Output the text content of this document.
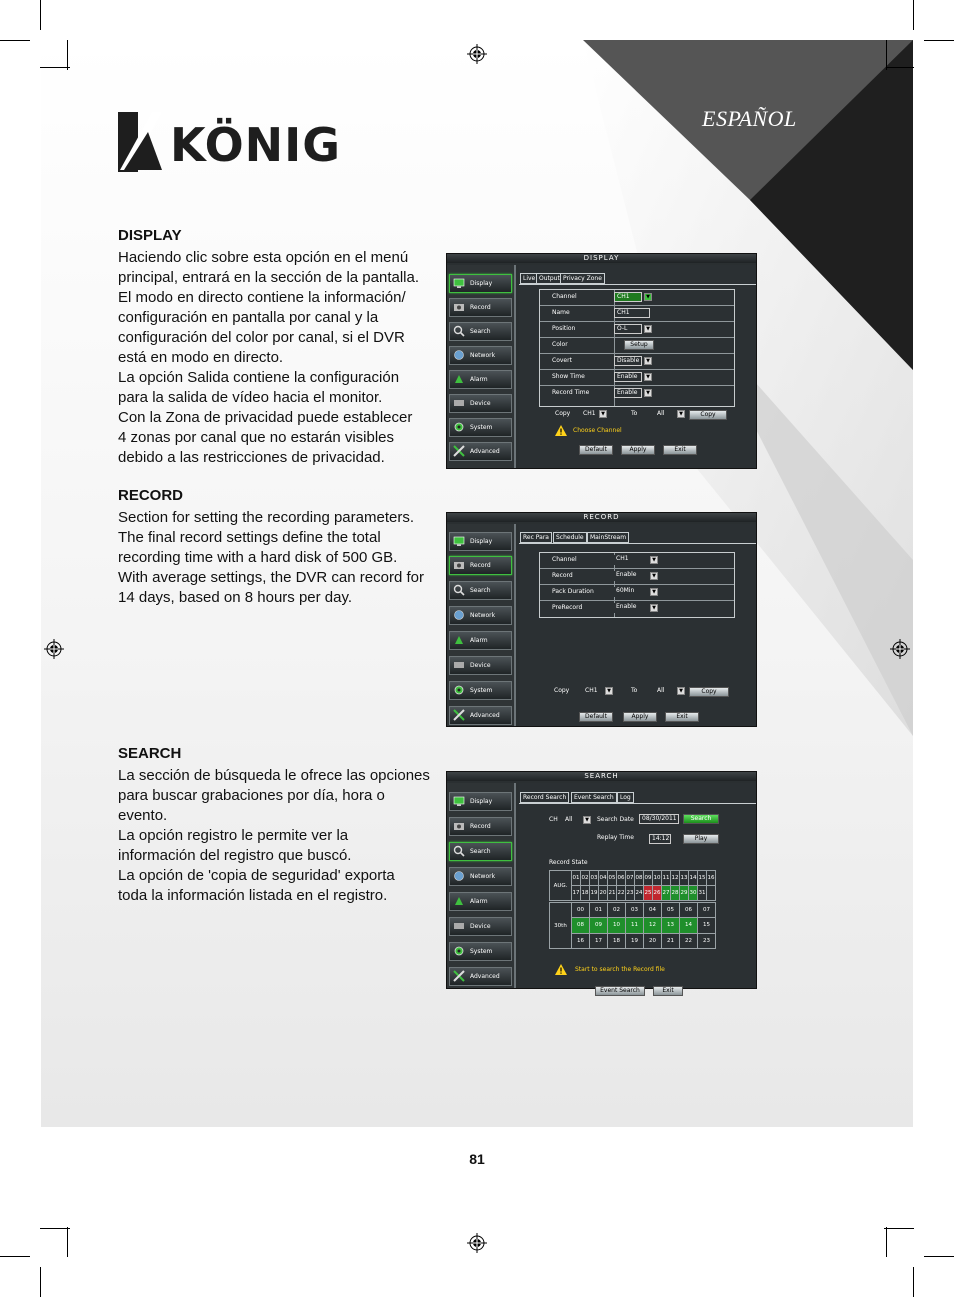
KÖNIG	ESPAÑOL
DISPLAY
Haciendo clic sobre esta opción en el menú
principal, entrará en la sección de la pantalla.
El modo en directo contiene la información/
configuración en pantalla por canal y la
configuración del color por canal, si el DVR
está en modo en directo.
La opción Salida contiene la configuración
para la salida de vídeo hacia el monitor.
Con la Zona de privacidad puede establecer
4 zonas por canal que no estarán visibles
debido a las restricciones de privacidad.
RECORD
Section for setting the recording parameters.
The final record settings define the total
recording time with a hard disk of 500 GB.
With average settings, the DVR can record for
14 days, based on 8 hours per day.
SEARCH
La sección de búsqueda le ofrece las opciones
para buscar grabaciones por día, hora o
evento.
La opción registro le permite ver la
información del registro que buscó.
La opción de 'copia de seguridad' exporta
toda la información listada en el registro.
DISPLAY
Display
Record
Search
Network
Alarm
Device
System
Advanced
Live Output Privacy Zone
Channel	CH1	▼
Name	CH1
Position	O-L	▼
Color	Setup
Covert	Disable	▼
Show Time	Enable	▼
Record Time	Enable	▼
Copy CH1	▼	To	All	▼	Copy
Choose Channel
Default	Apply	Exit
RECORD
Display
Record
Search
Network
Alarm
Device
System
Advanced
Rec Para	Schedule	MainStream
Channel	CH1	▼
Record	Enable	▼
Pack Duration	60Min	▼
PreRecord	Enable	▼
Copy	CH1	▼	To	All	▼	Copy
Default	Apply	Exit
SEARCH
Display
Record
Search
Network
Alarm
Device
System
Advanced
Record Search	Event Search	Log
CH All	▼	Search Date	08/30/2011	Search
Replay Time	14:12	Play
Record State
AUG.	01	02	03	04	05	06	07	08	09	10	11	12	13	14	15	16
	17	18	19	20	21	22	23	24	25	26	27	28	29	30	31	
30th	00	01	02	03	04	05	06	07
	08	09	10	11	12	13	14	15
	16	17	18	19	20	21	22	23
Start to search the Record file
Event Search	Exit
81
